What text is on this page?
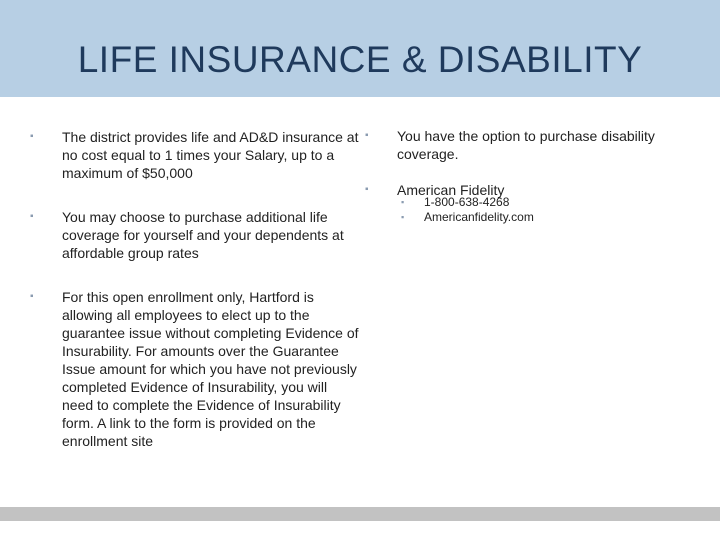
LIFE INSURANCE & DISABILITY
▪ The district provides life and AD&D insurance at no cost equal to 1 times your Salary, up to a maximum of $50,000
▪ You may choose to purchase additional life coverage for yourself and your dependents at affordable group rates
▪ For this open enrollment only, Hartford is allowing all employees to elect up to the guarantee issue without completing Evidence of Insurability. For amounts over the Guarantee Issue amount for which you have not previously completed Evidence of Insurability, you will need to complete the Evidence of Insurability form. A link to the form is provided on the enrollment site
▪ You have the option to purchase disability coverage.
▪ American Fidelity
▪ 1-800-638-4268
▪ Americanfidelity.com
